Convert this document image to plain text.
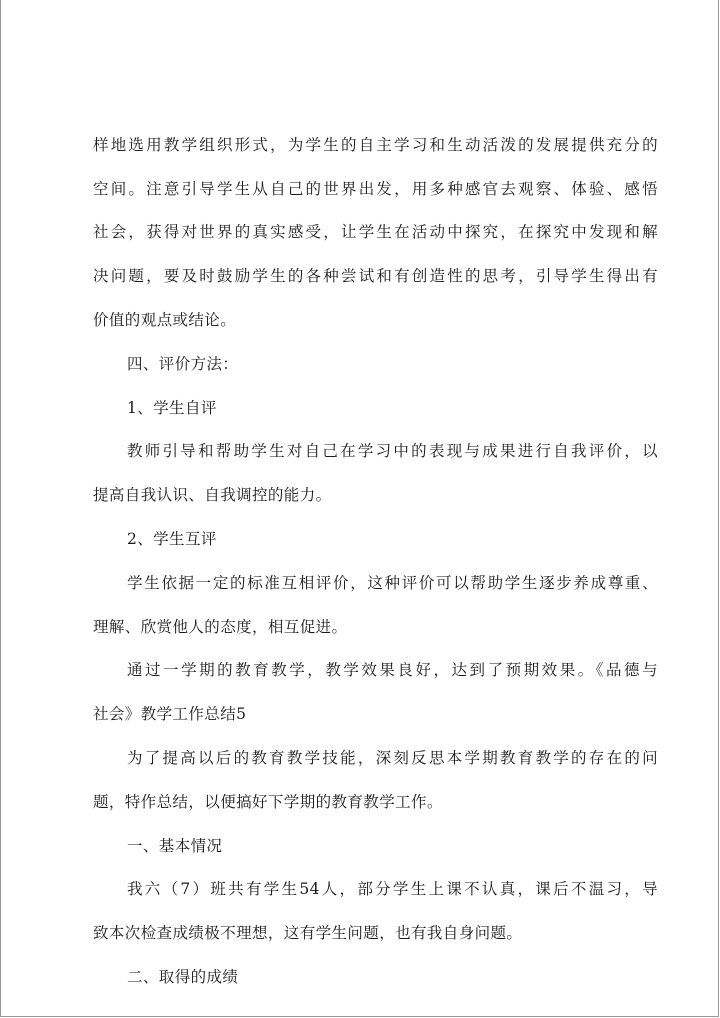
样地选用教学组织形式，为学生的自主学习和生动活泼的发展提供充分的
空间。注意引导学生从自己的世界出发，用多种感官去观察、体验、感悟
社会，获得对世界的真实感受，让学生在活动中探究，在探究中发现和解
决问题，要及时鼓励学生的各种尝试和有创造性的思考，引导学生得出有
价值的观点或结论。
四、评价方法：
1、学生自评
教师引导和帮助学生对自己在学习中的表现与成果进行自我评价，以
提高自我认识、自我调控的能力。
2、学生互评
学生依据一定的标准互相评价，这种评价可以帮助学生逐步养成尊重、
理解、欣赏他人的态度，相互促进。
通过一学期的教育教学，教学效果良好，达到了预期效果。《品德与
社会》教学工作总结5
为了提高以后的教育教学技能，深刻反思本学期教育教学的存在的问
题，特作总结，以便搞好下学期的教育教学工作。
一、基本情况
我六（7）班共有学生54人，部分学生上课不认真，课后不温习，导
致本次检查成绩极不理想，这有学生问题，也有我自身问题。
二、取得的成绩
